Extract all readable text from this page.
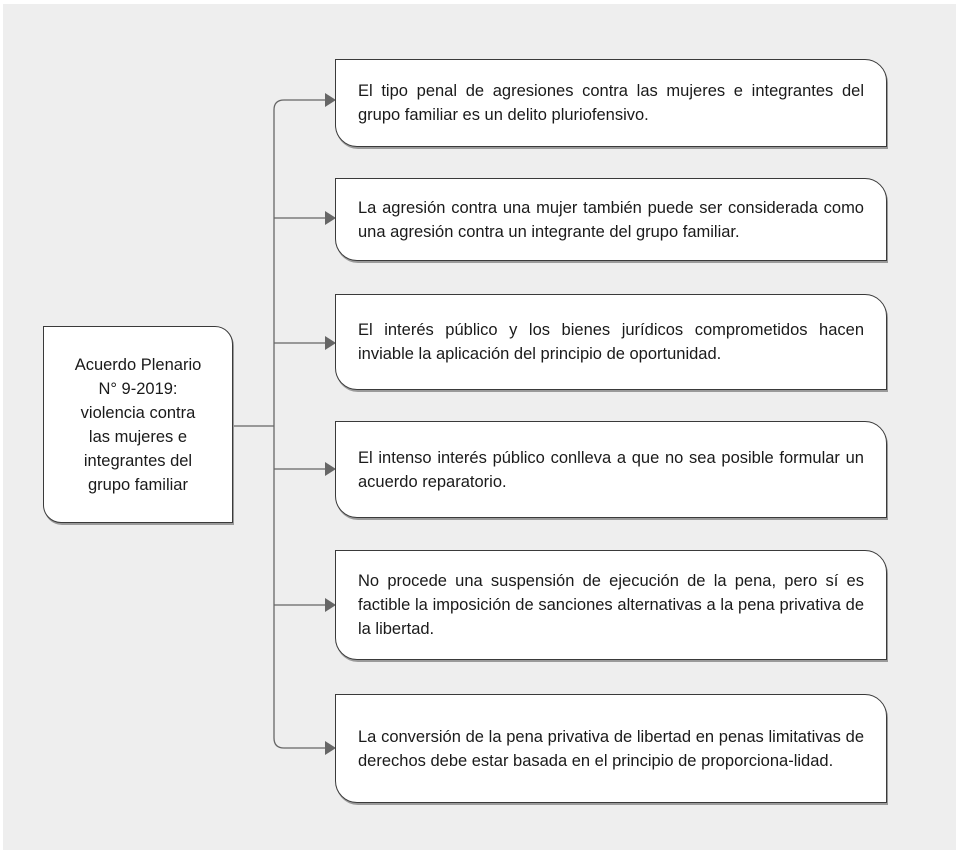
Acuerdo Plenario
N° 9-2019:
violencia contra
las mujeres e
integrantes del
grupo familiar
El tipo penal de agresiones contra las mujeres e integrantes del grupo familiar es un delito pluriofensivo.
La agresión contra una mujer también puede ser considerada como una agresión contra un integrante del grupo familiar.
El interés público y los bienes jurídicos comprometidos hacen inviable la aplicación del principio de oportunidad.
El intenso interés público conlleva a que no sea posible formular un acuerdo reparatorio.
No procede una suspensión de ejecución de la pena, pero sí es factible la imposición de sanciones alternativas a la pena privativa de la libertad.
La conversión de la pena privativa de libertad en penas limitativas de derechos debe estar basada en el principio de proporciona-lidad.
